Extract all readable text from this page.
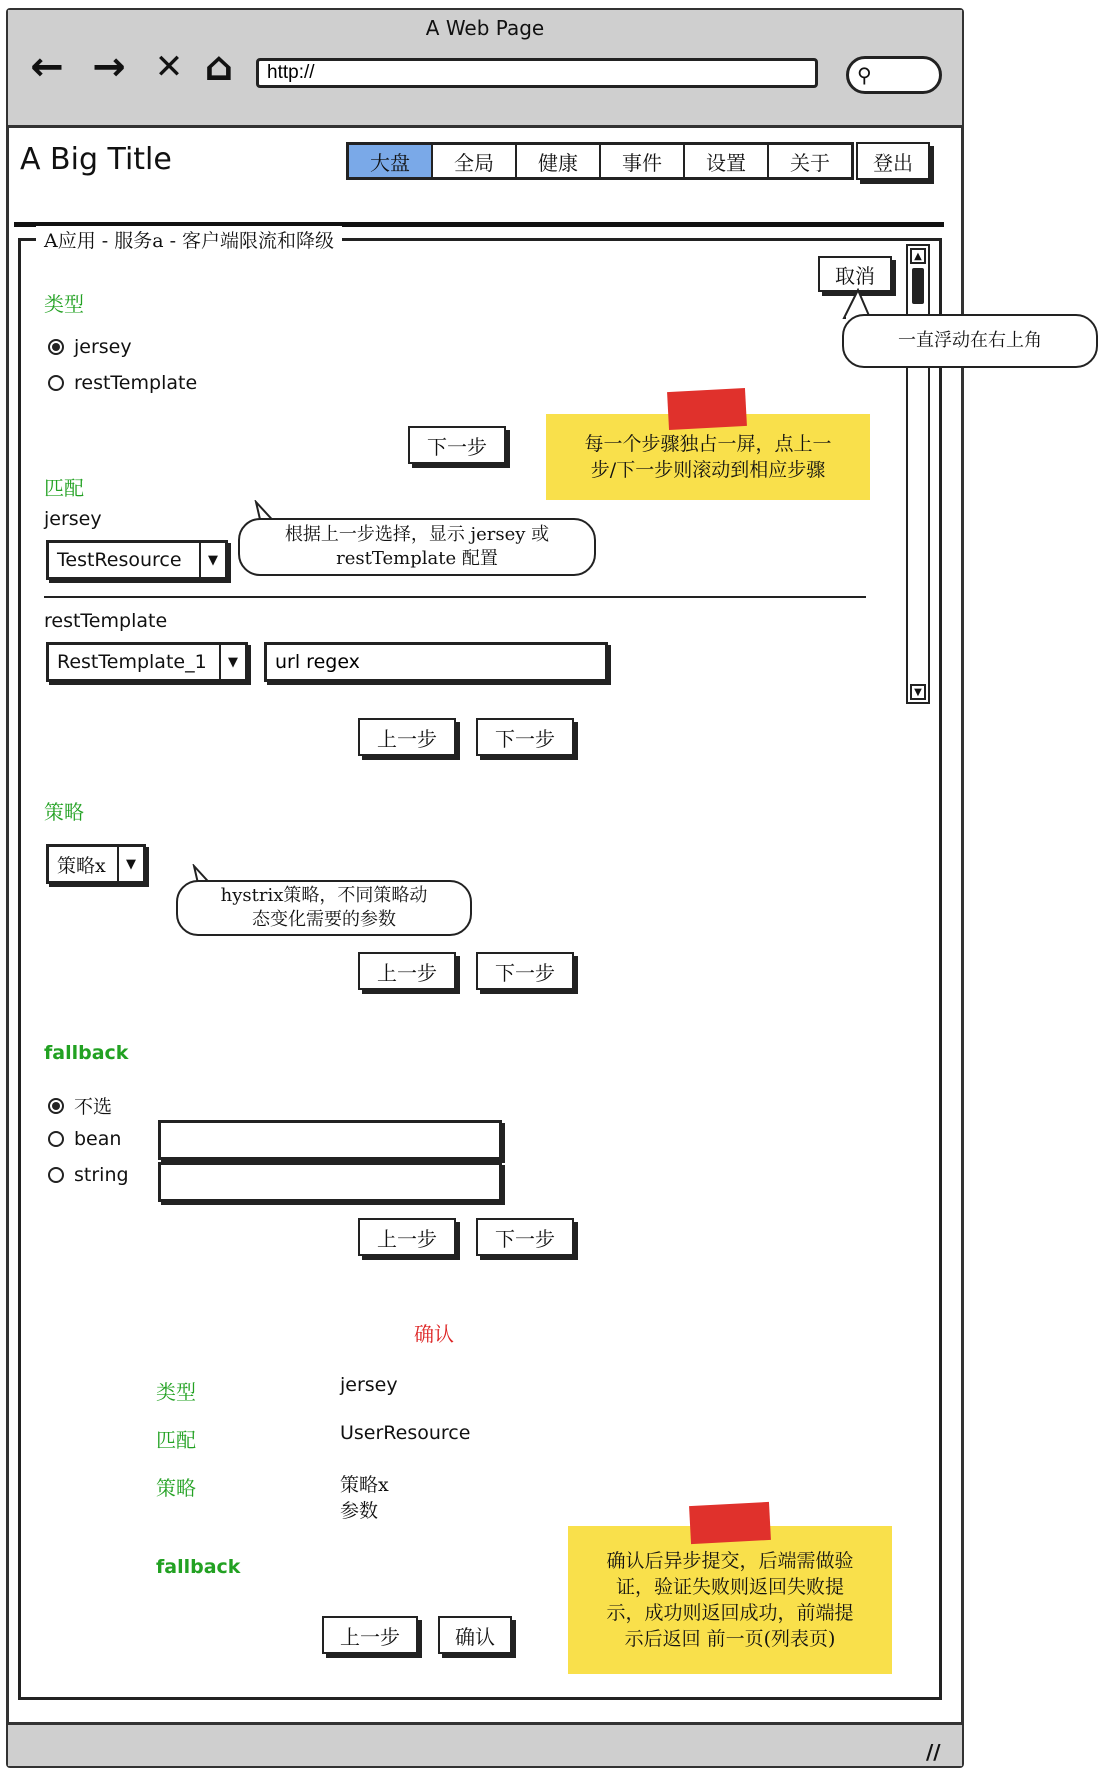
A Web Page
← → ✕ ⌂
http://	⚲
A Big Title	大盘	全局	健康	事件	设置	关于	登出
A应用 - 服务a - 客户端限流和降级
取消
▲
▼
一直浮动在右上角
类型
jersey
restTemplate
下一步	每一个步骤独占一屏，点上一
步/下一步则滚动到相应步骤
匹配
jersey
TestResource	▼
根据上一步选择，显示 jersey 或
restTemplate 配置
restTemplate
RestTemplate_1	▼
url regex
上一步	下一步
策略
策略x	▼
hystrix策略，不同策略动
态变化需要的参数
上一步	下一步
fallback
不选
bean
string
上一步	下一步
确认
类型	jersey
匹配	UserResource
策略	策略x
参数
fallback
上一步	确认
确认后异步提交，后端需做验
证，验证失败则返回失败提
示，成功则返回成功，前端提
示后返回 前一页(列表页)
//
